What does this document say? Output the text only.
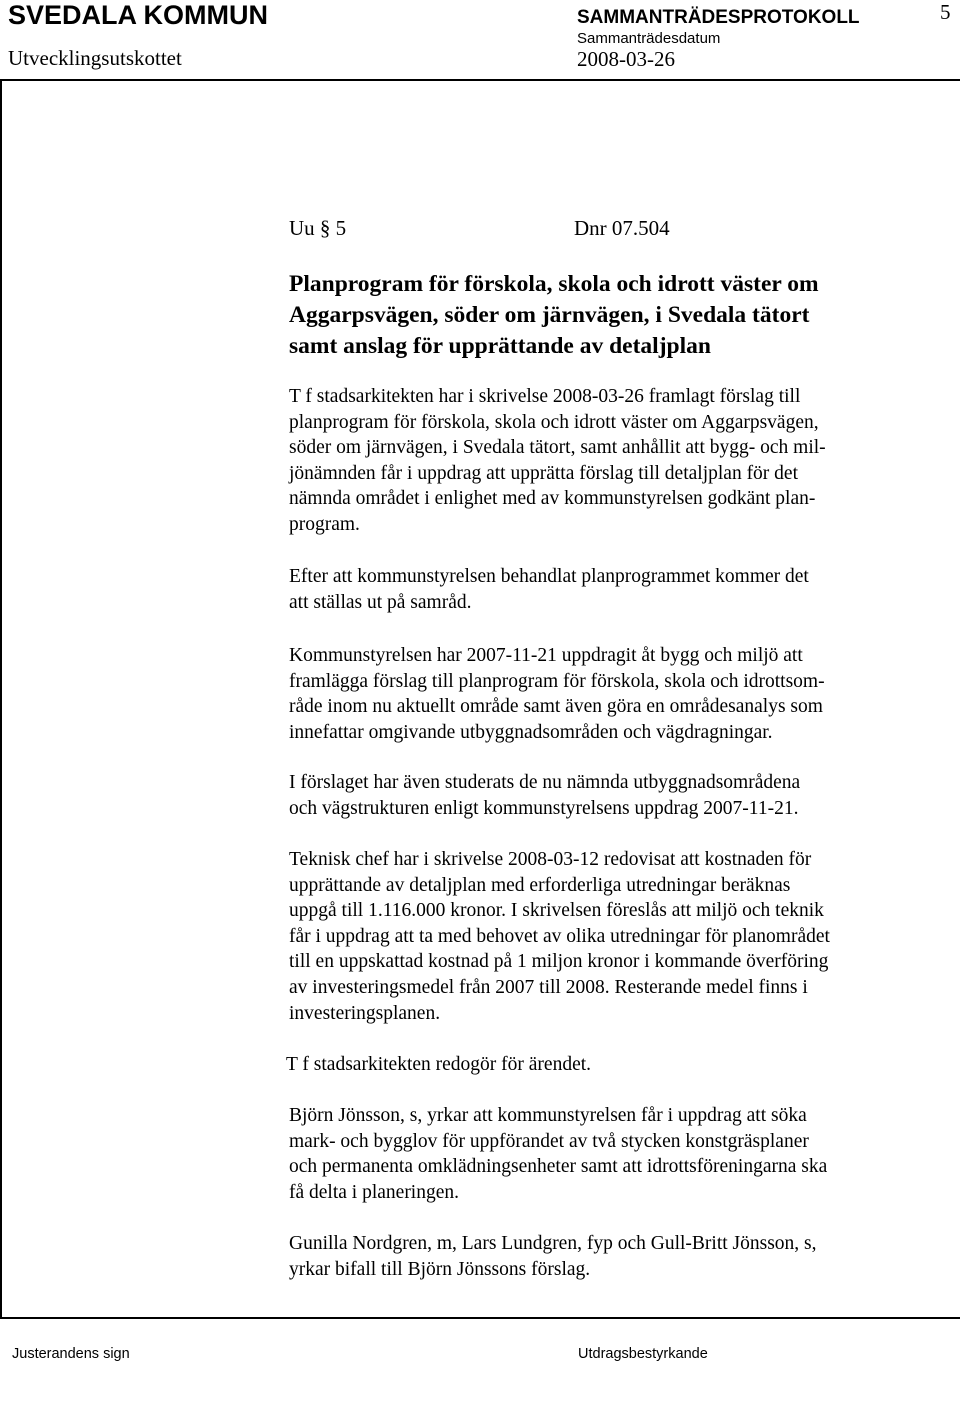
SVEDALA KOMMUN	SAMMANTRÄDESPROTOKOLL	5
Utvecklingsutskottet
Sammanträdesdatum
2008-03-26
Uu § 5	Dnr 07.504
Planprogram för förskola, skola och idrott väster om
Aggarpsvägen, söder om järnvägen, i Svedala tätort
samt anslag för upprättande av detaljplan
T f stadsarkitekten har i skrivelse 2008-03-26 framlagt förslag till
planprogram för förskola, skola och idrott väster om Aggarpsvägen,
söder om järnvägen, i Svedala tätort, samt anhållit att bygg- och mil-
jönämnden får i uppdrag att upprätta förslag till detaljplan för det
nämnda området i enlighet med av kommunstyrelsen godkänt plan-
program.
Efter att kommunstyrelsen behandlat planprogrammet kommer det
att ställas ut på samråd.
Kommunstyrelsen har 2007-11-21 uppdragit åt bygg och miljö att
framlägga förslag till planprogram för förskola, skola och idrottsom-
råde inom nu aktuellt område samt även göra en områdesanalys som
innefattar omgivande utbyggnadsområden och vägdragningar.
I förslaget har även studerats de nu nämnda utbyggnadsområdena
och vägstrukturen enligt kommunstyrelsens uppdrag 2007-11-21.
Teknisk chef har i skrivelse 2008-03-12 redovisat att kostnaden för
upprättande av detaljplan med erforderliga utredningar beräknas
uppgå till 1.116.000 kronor. I skrivelsen föreslås att miljö och teknik
får i uppdrag att ta med behovet av olika utredningar för planområdet
till en uppskattad kostnad på 1 miljon kronor i kommande överföring
av investeringsmedel från 2007 till 2008. Resterande medel finns i
investeringsplanen.
T f stadsarkitekten redogör för ärendet.
Björn Jönsson, s, yrkar att kommunstyrelsen får i uppdrag att söka
mark- och bygglov för uppförandet av två stycken konstgräsplaner
och permanenta omklädningsenheter samt att idrottsföreningarna ska
få delta i planeringen.
Gunilla Nordgren, m, Lars Lundgren, fyp och Gull-Britt Jönsson, s,
yrkar bifall till Björn Jönssons förslag.
Justerandens sign	Utdragsbestyrkande
